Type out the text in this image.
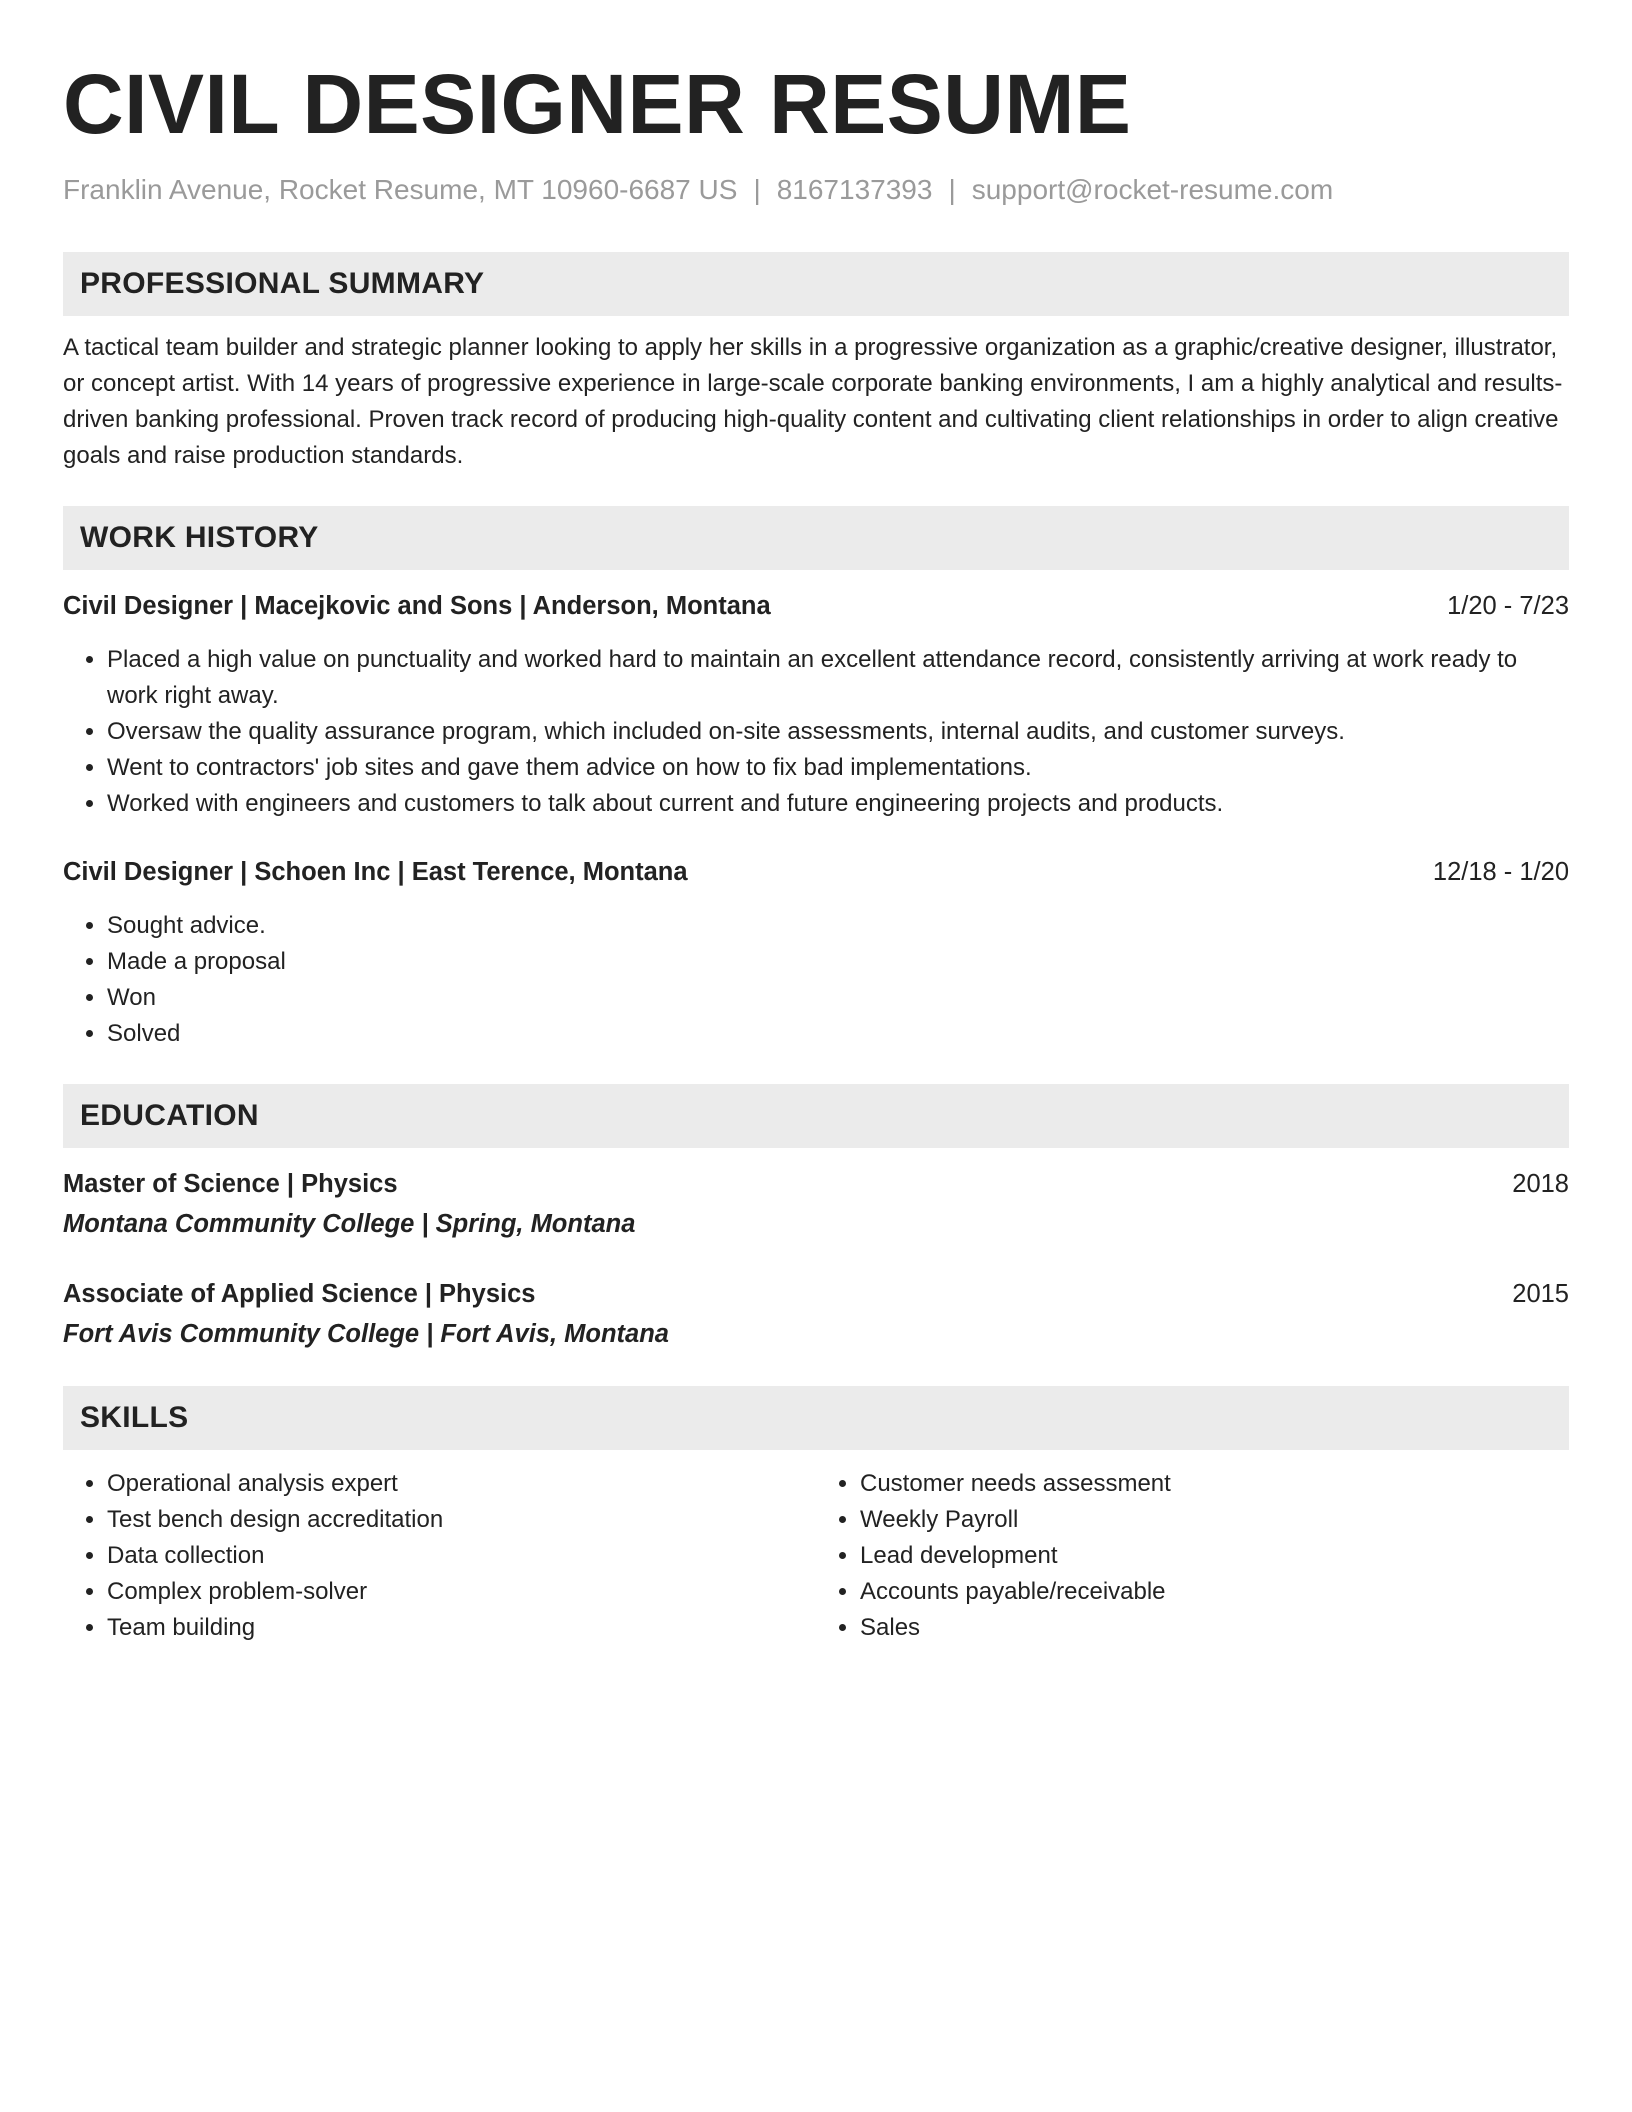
CIVIL DESIGNER RESUME
Franklin Avenue, Rocket Resume, MT 10960-6687 US | 8167137393 | support@rocket-resume.com
PROFESSIONAL SUMMARY
A tactical team builder and strategic planner looking to apply her skills in a progressive organization as a graphic/creative designer, illustrator, or concept artist. With 14 years of progressive experience in large-scale corporate banking environments, I am a highly analytical and results-driven banking professional. Proven track record of producing high-quality content and cultivating client relationships in order to align creative goals and raise production standards.
WORK HISTORY
Civil Designer | Macejkovic and Sons | Anderson, Montana	1/20 - 7/23
• Placed a high value on punctuality and worked hard to maintain an excellent attendance record, consistently arriving at work ready to work right away.
• Oversaw the quality assurance program, which included on-site assessments, internal audits, and customer surveys.
• Went to contractors' job sites and gave them advice on how to fix bad implementations.
• Worked with engineers and customers to talk about current and future engineering projects and products.
Civil Designer | Schoen Inc | East Terence, Montana	12/18 - 1/20
• Sought advice.
• Made a proposal
• Won
• Solved
EDUCATION
Master of Science | Physics	2018
Montana Community College | Spring, Montana
Associate of Applied Science | Physics	2015
Fort Avis Community College | Fort Avis, Montana
SKILLS
• Operational analysis expert
• Test bench design accreditation
• Data collection
• Complex problem-solver
• Team building
• Customer needs assessment
• Weekly Payroll
• Lead development
• Accounts payable/receivable
• Sales
